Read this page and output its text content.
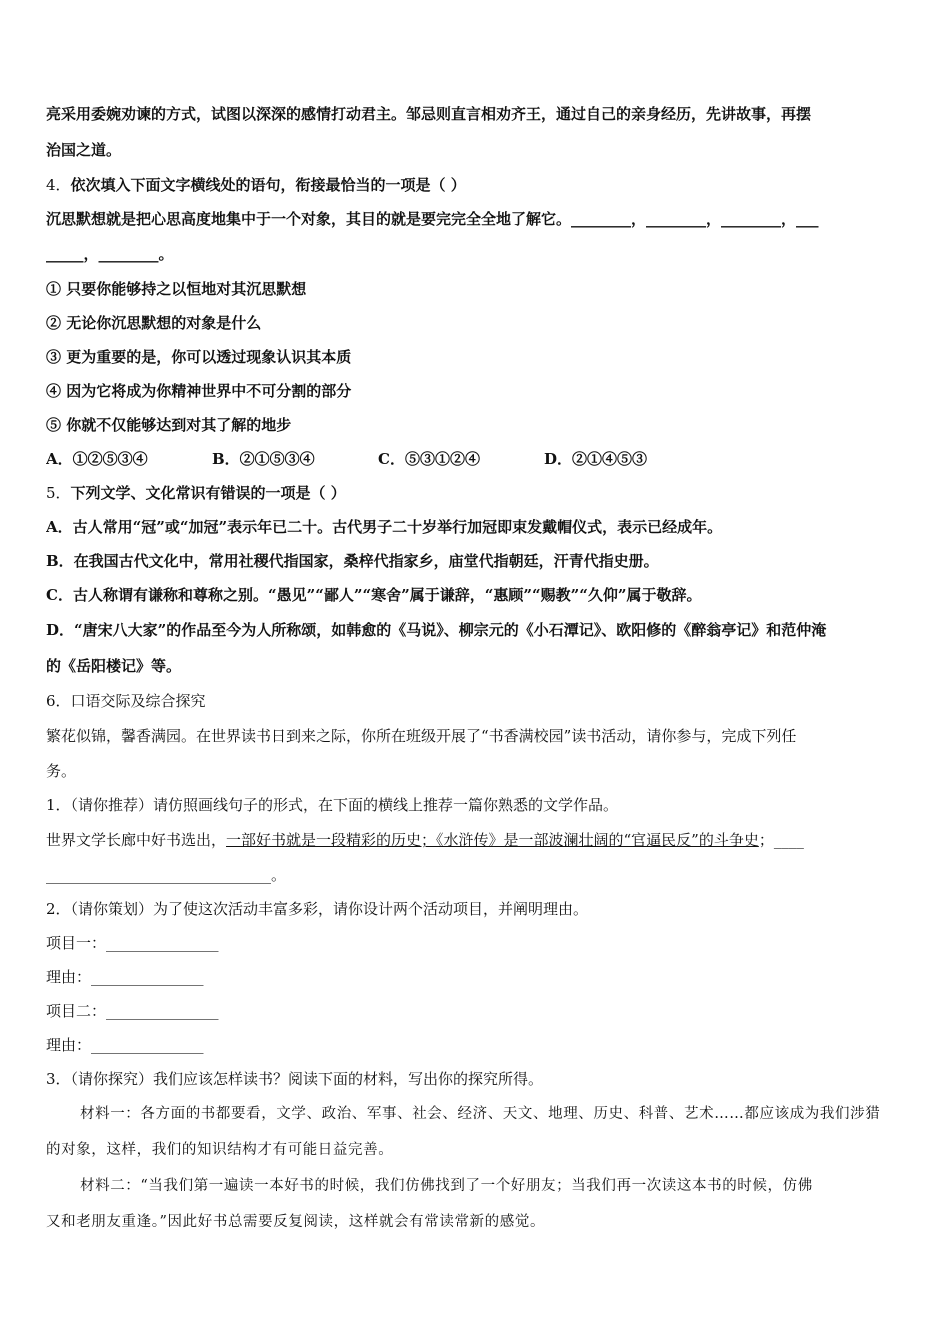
亮采用委婉劝谏的方式，试图以深深的感情打动君主。邹忌则直言相劝齐王，通过自己的亲身经历，先讲故事，再摆
治国之道。
4．依次填入下面文字横线处的语句，衔接最恰当的一项是（ ）
沉思默想就是把心思高度地集中于一个对象，其目的就是要完完全全地了解它。________，________，________，___
_____，________。
① 只要你能够持之以恒地对其沉思默想
② 无论你沉思默想的对象是什么
③ 更为重要的是，你可以透过现象认识其本质
④ 因为它将成为你精神世界中不可分割的部分
⑤ 你就不仅能够达到对其了解的地步
A．①②⑤③④	B．②①⑤③④	C．⑤③①②④	D．②①④⑤③
5．下列文学、文化常识有错误的一项是（ ）
A．古人常用“冠”或“加冠”表示年已二十。古代男子二十岁举行加冠即束发戴帽仪式，表示已经成年。
B．在我国古代文化中，常用社稷代指国家，桑梓代指家乡，庙堂代指朝廷，汗青代指史册。
C．古人称谓有谦称和尊称之别。“愚见”“鄙人”“寒舍”属于谦辞，“惠顾”“赐教”“久仰”属于敬辞。
D．“唐宋八大家”的作品至今为人所称颂，如韩愈的《马说》、柳宗元的《小石潭记》、欧阳修的《醉翁亭记》和范仲淹
的《岳阳楼记》等。
6．口语交际及综合探究
繁花似锦，馨香满园。在世界读书日到来之际，你所在班级开展了“书香满校园”读书活动，请你参与，完成下列任
务。
1．（请你推荐）请仿照画线句子的形式，在下面的横线上推荐一篇你熟悉的文学作品。
世界文学长廊中好书选出，一部好书就是一段精彩的历史；《水浒传》是一部波澜壮阔的“官逼民反”的斗争史；____
______________________________。
2．（请你策划）为了使这次活动丰富多彩，请你设计两个活动项目，并阐明理由。
项目一：_______________
理由：_______________
项目二：_______________
理由：_______________
3．（请你探究）我们应该怎样读书？阅读下面的材料，写出你的探究所得。
材料一：各方面的书都要看，文学、政治、军事、社会、经济、天文、地理、历史、科普、艺术……都应该成为我们涉猎
的对象，这样，我们的知识结构才有可能日益完善。
材料二：“当我们第一遍读一本好书的时候，我们仿佛找到了一个好朋友；当我们再一次读这本书的时候，仿佛
又和老朋友重逢。”因此好书总需要反复阅读，这样就会有常读常新的感觉。
